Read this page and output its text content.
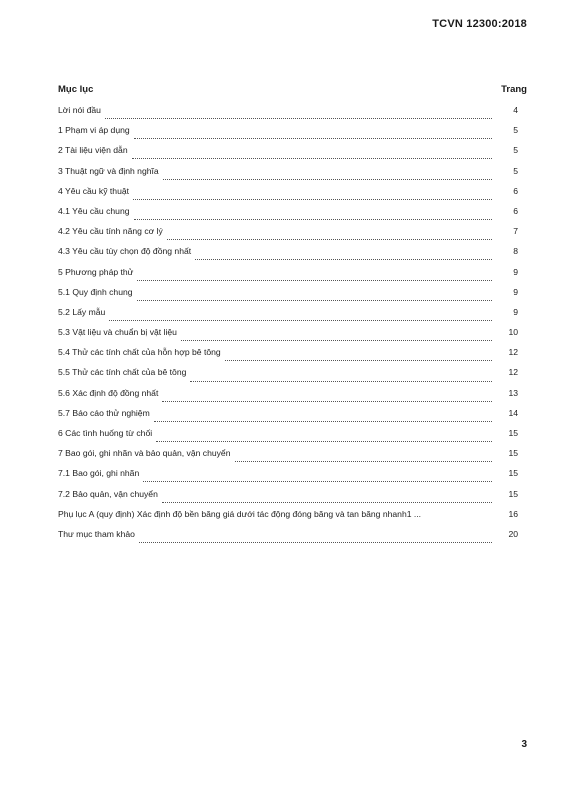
TCVN 12300:2018
Mục lục	Trang
Lời nói đầu	4
1 Phạm vi áp dụng	5
2 Tài liệu viện dẫn	5
3 Thuật ngữ và định nghĩa	5
4 Yêu cầu kỹ thuật	6
4.1 Yêu cầu chung	6
4.2 Yêu cầu tính năng cơ lý	7
4.3 Yêu cầu tùy chọn độ đồng nhất	8
5 Phương pháp thử	9
5.1 Quy định chung	9
5.2 Lấy mẫu	9
5.3 Vật liệu và chuẩn bị vật liệu	10
5.4 Thử các tính chất của hỗn hợp bê tông	12
5.5 Thử các tính chất của bê tông	12
5.6 Xác định độ đồng nhất	13
5.7 Báo cáo thử nghiệm	14
6 Các tình huống từ chối	15
7 Bao gói, ghi nhãn và bảo quản, vận chuyển	15
7.1 Bao gói, ghi nhãn	15
7.2 Bảo quản, vận chuyển	15
Phụ lục A (quy định) Xác định độ bền băng giá dưới tác động đóng băng và tan băng nhanh1 ...	16
Thư mục tham khảo	20
3
